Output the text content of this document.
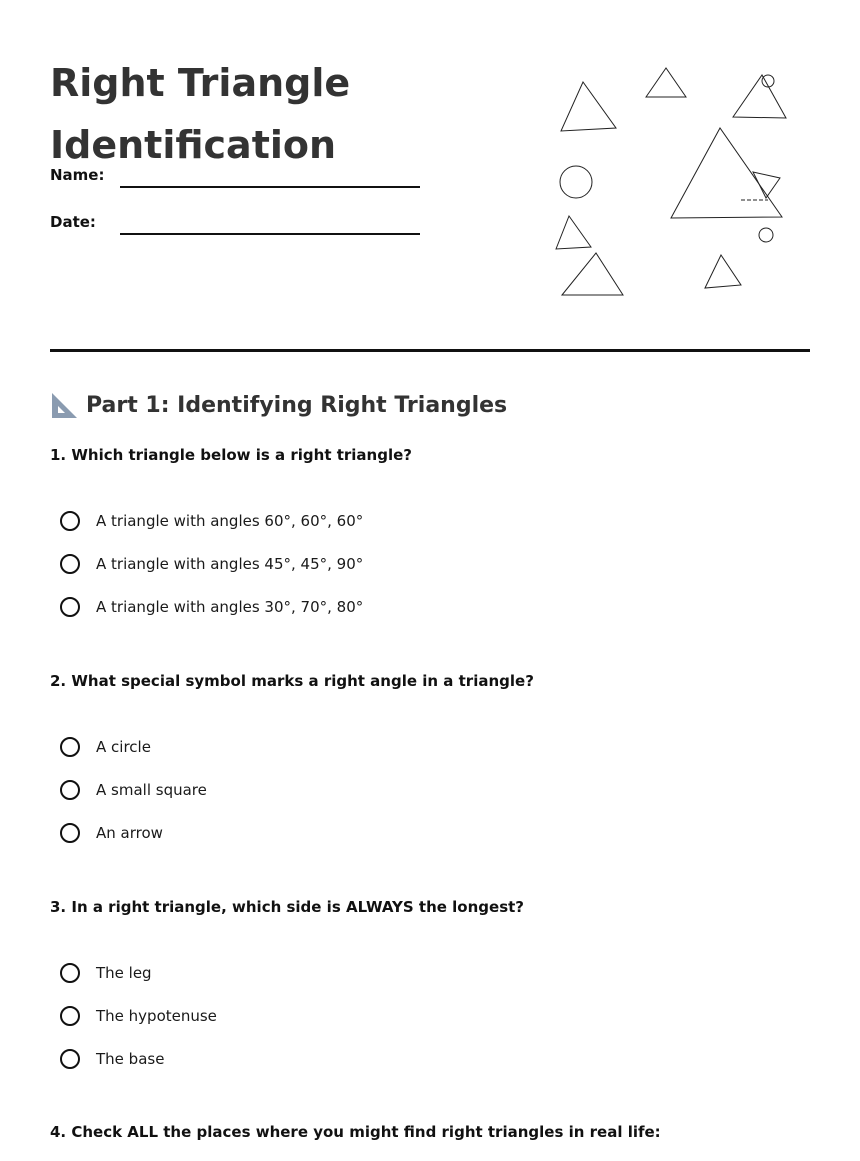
Right Triangle
Identification
Name:
Date:
Part 1: Identifying Right Triangles

1. Which triangle below is a right triangle?

A triangle with angles 60°, 60°, 60°
A triangle with angles 45°, 45°, 90°
A triangle with angles 30°, 70°, 80°

2. What special symbol marks a right angle in a triangle?

A circle
A small square
An arrow

3. In a right triangle, which side is ALWAYS the longest?

The leg
The hypotenuse
The base

4. Check ALL the places where you might find right triangles in real life:
